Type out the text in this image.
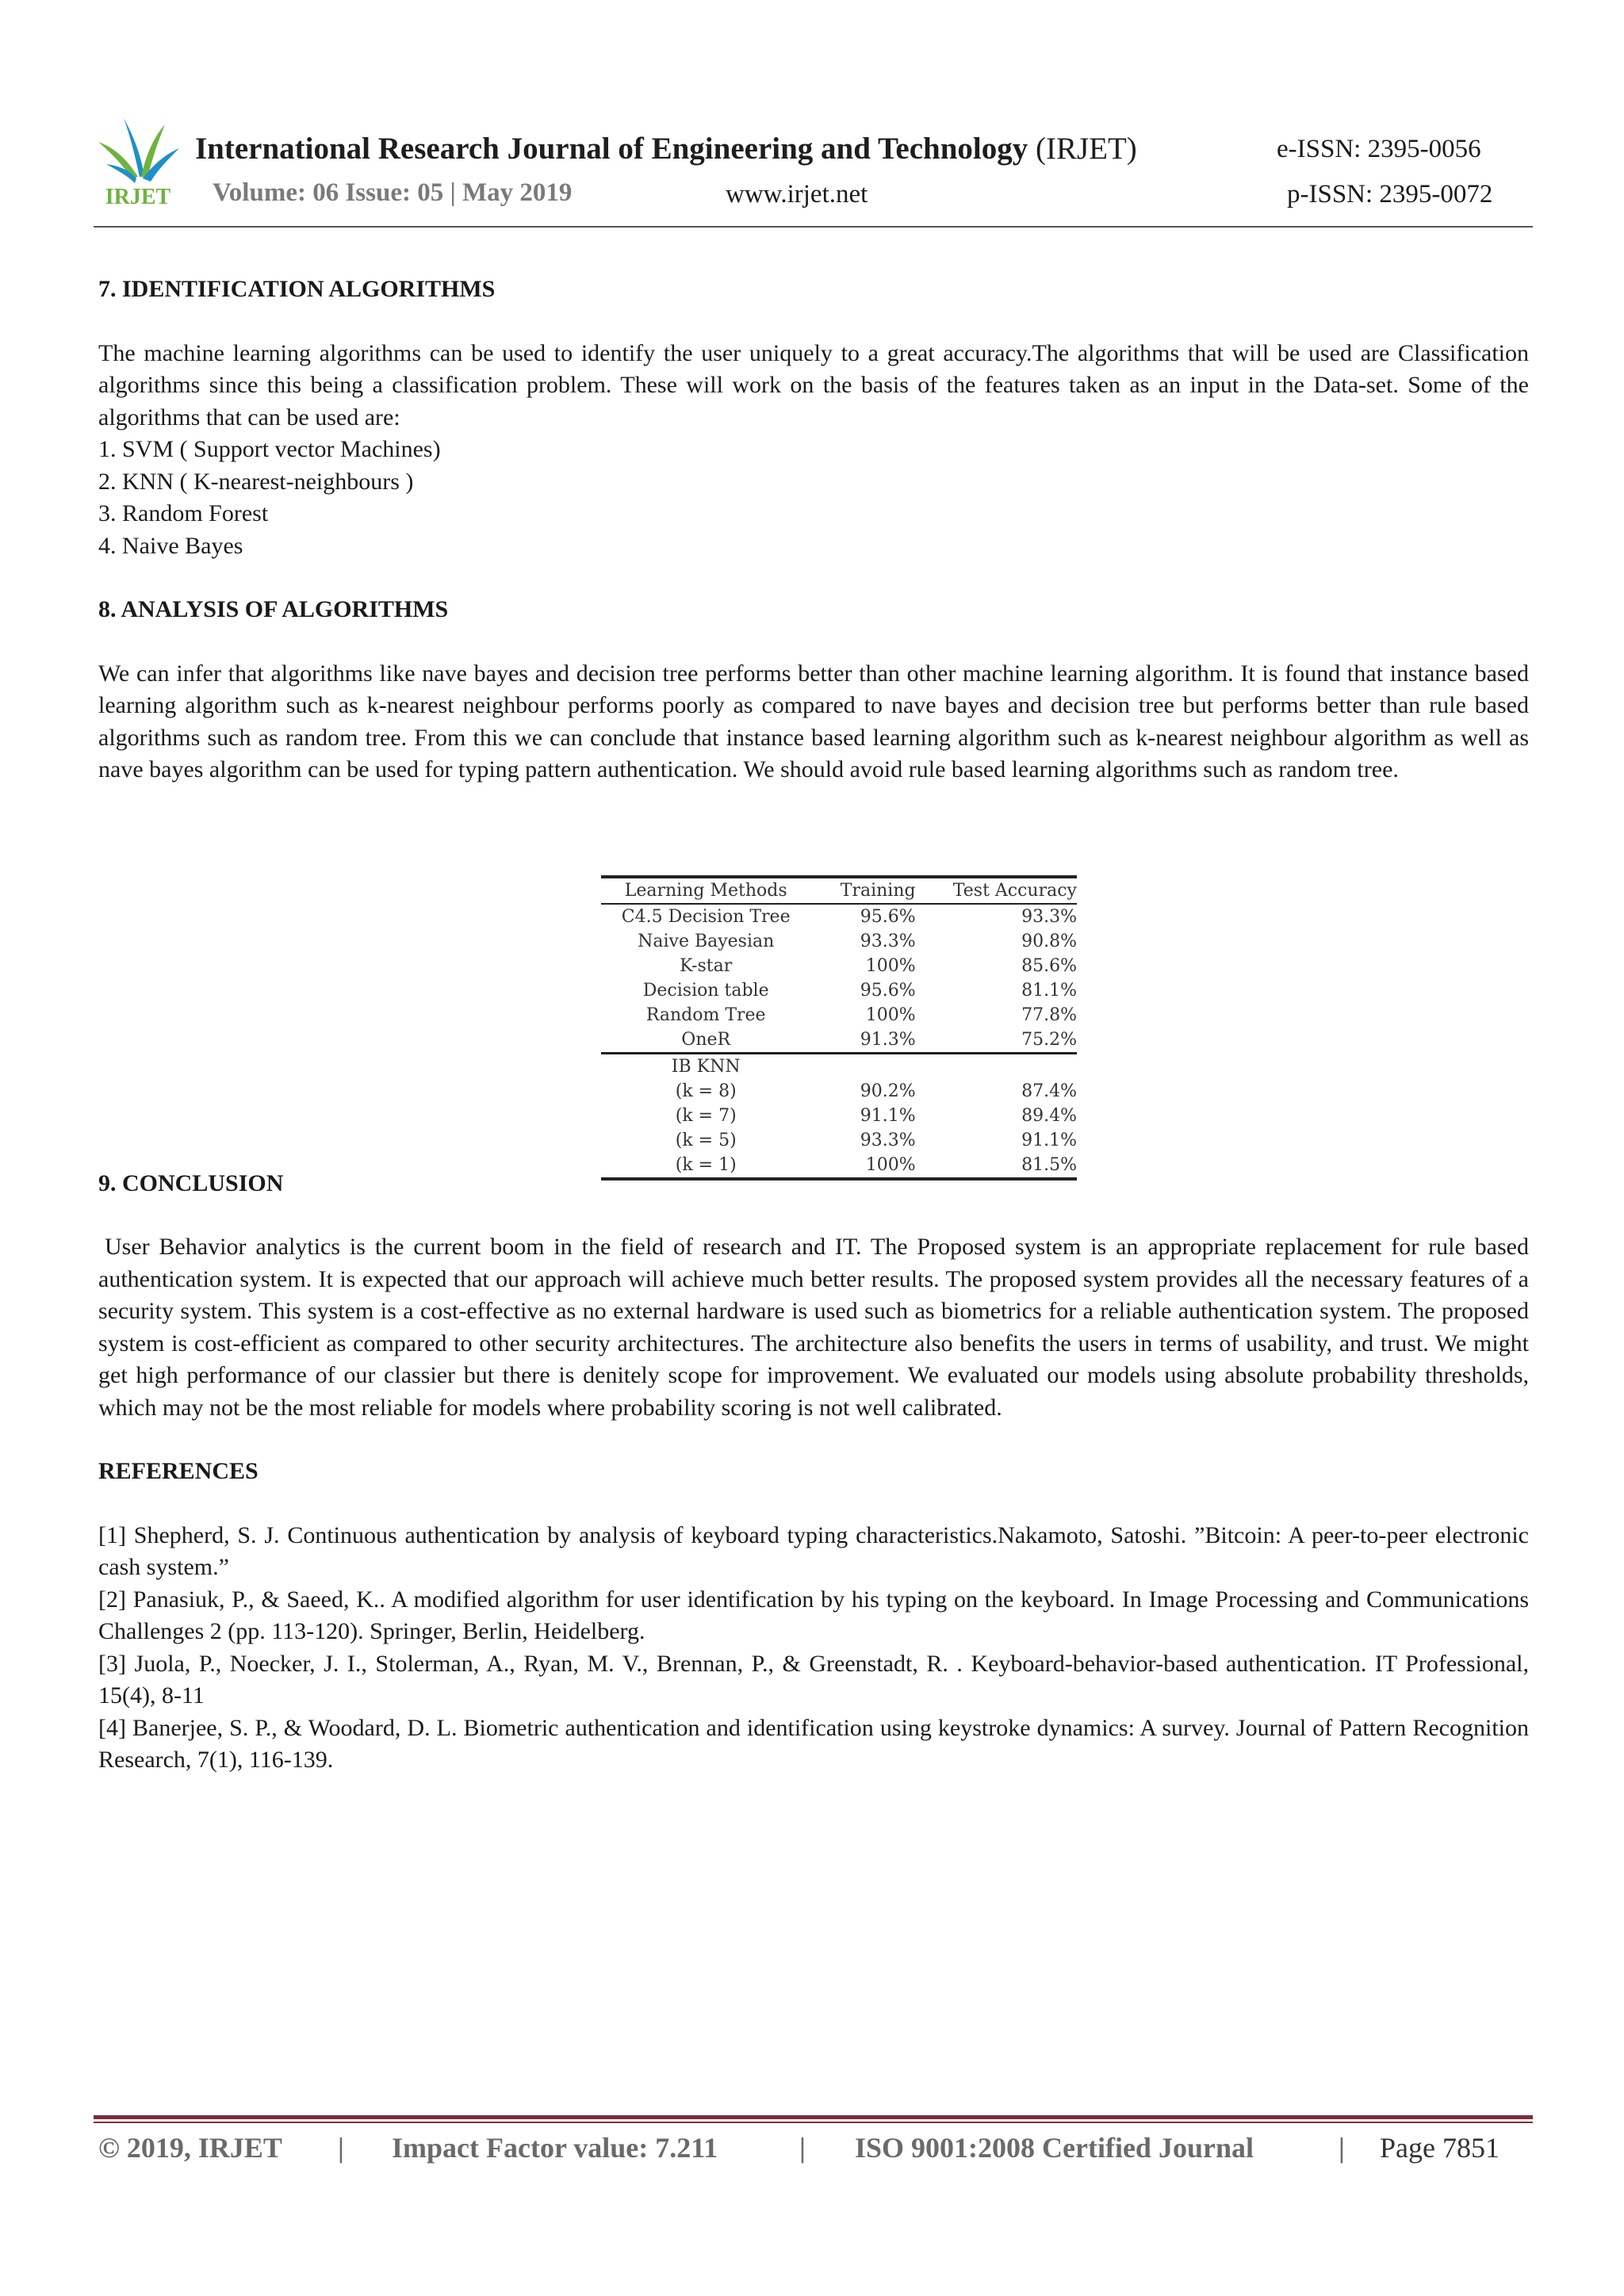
IRJET
International Research Journal of Engineering and Technology (IRJET)	e-ISSN: 2395-0056
Volume: 06 Issue: 05 | May 2019	www.irjet.net	p-ISSN: 2395-0072
7. IDENTIFICATION ALGORITHMS

The machine learning algorithms can be used to identify the user uniquely to a great accuracy.The algorithms that will be used are Classification algorithms since this being a classification problem. These will work on the basis of the features taken as an input in the Data-set. Some of the algorithms that can be used are:

1. SVM ( Support vector Machines)
2. KNN ( K-nearest-neighbours )
3. Random Forest
4. Naive Bayes
8. ANALYSIS OF ALGORITHMS

We can infer that algorithms like nave bayes and decision tree performs better than other machine learning algorithm. It is found that instance based learning algorithm such as k-nearest neighbour performs poorly as compared to nave bayes and decision tree but performs better than rule based algorithms such as random tree. From this we can conclude that instance based learning algorithm such as k-nearest neighbour algorithm as well as nave bayes algorithm can be used for typing pattern authentication. We should avoid rule based learning algorithms such as random tree.

9. CONCLUSION

User Behavior analytics is the current boom in the field of research and IT. The Proposed system is an appropriate replacement for rule based authentication system. It is expected that our approach will achieve much better results. The proposed system provides all the necessary features of a security system. This system is a cost-effective as no external hardware is used such as biometrics for a reliable authentication system. The proposed system is cost-efficient as compared to other security architectures. The architecture also benefits the users in terms of usability, and trust. We might get high performance of our classier but there is denitely scope for improvement. We evaluated our models using absolute probability thresholds, which may not be the most reliable for models where probability scoring is not well calibrated.

REFERENCES

[1] Shepherd, S. J. Continuous authentication by analysis of keyboard typing characteristics.Nakamoto, Satoshi. ”Bitcoin: A peer-to-peer electronic cash system.”

[2] Panasiuk, P., & Saeed, K.. A modified algorithm for user identification by his typing on the keyboard. In Image Processing and Communications Challenges 2 (pp. 113-120). Springer, Berlin, Heidelberg.

[3] Juola, P., Noecker, J. I., Stolerman, A., Ryan, M. V., Brennan, P., & Greenstadt, R. . Keyboard-behavior-based authentication. IT Professional, 15(4), 8-11

[4] Banerjee, S. P., & Woodard, D. L. Biometric authentication and identification using keystroke dynamics: A survey. Journal of Pattern Recognition Research, 7(1), 116-139.

Learning Methods	Training	Test Accuracy
C4.5 Decision Tree	95.6%	93.3%
Naive Bayesian	93.3%	90.8%
K-star	100%	85.6%
Decision table	95.6%	81.1%
Random Tree	100%	77.8%
OneR	91.3%	75.2%
IB KNN		
(k = 8)	90.2%	87.4%
(k = 7)	91.1%	89.4%
(k = 5)	93.3%	91.1%
(k = 1)	100%	81.5%
© 2019, IRJET | Impact Factor value: 7.211	| ISO 9001:2008 Certified Journal	| Page 7851
